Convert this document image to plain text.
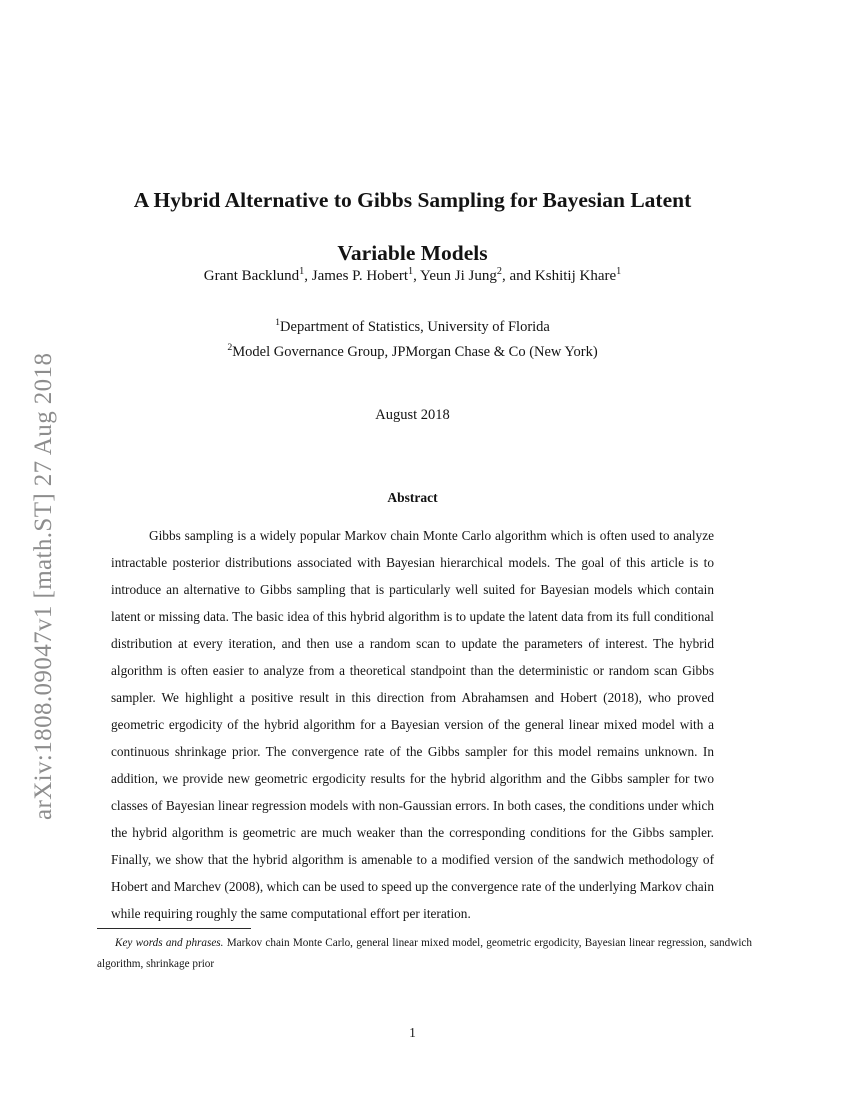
arXiv:1808.09047v1 [math.ST] 27 Aug 2018
A Hybrid Alternative to Gibbs Sampling for Bayesian Latent Variable Models
Grant Backlund$^1$, James P. Hobert$^1$, Yeun Ji Jung$^2$, and Kshitij Khare$^1$
$^1$Department of Statistics, University of Florida
$^2$Model Governance Group, JPMorgan Chase & Co (New York)
August 2018
Abstract
Gibbs sampling is a widely popular Markov chain Monte Carlo algorithm which is often used to analyze intractable posterior distributions associated with Bayesian hierarchical models. The goal of this article is to introduce an alternative to Gibbs sampling that is particularly well suited for Bayesian models which contain latent or missing data. The basic idea of this hybrid algorithm is to update the latent data from its full conditional distribution at every iteration, and then use a random scan to update the parameters of interest. The hybrid algorithm is often easier to analyze from a theoretical standpoint than the deterministic or random scan Gibbs sampler. We highlight a positive result in this direction from Abrahamsen and Hobert (2018), who proved geometric ergodicity of the hybrid algorithm for a Bayesian version of the general linear mixed model with a continuous shrinkage prior. The convergence rate of the Gibbs sampler for this model remains unknown. In addition, we provide new geometric ergodicity results for the hybrid algorithm and the Gibbs sampler for two classes of Bayesian linear regression models with non-Gaussian errors. In both cases, the conditions under which the hybrid algorithm is geometric are much weaker than the corresponding conditions for the Gibbs sampler. Finally, we show that the hybrid algorithm is amenable to a modified version of the sandwich methodology of Hobert and Marchev (2008), which can be used to speed up the convergence rate of the underlying Markov chain while requiring roughly the same computational effort per iteration.
Key words and phrases. Markov chain Monte Carlo, general linear mixed model, geometric ergodicity, Bayesian linear regression, sandwich algorithm, shrinkage prior
1
